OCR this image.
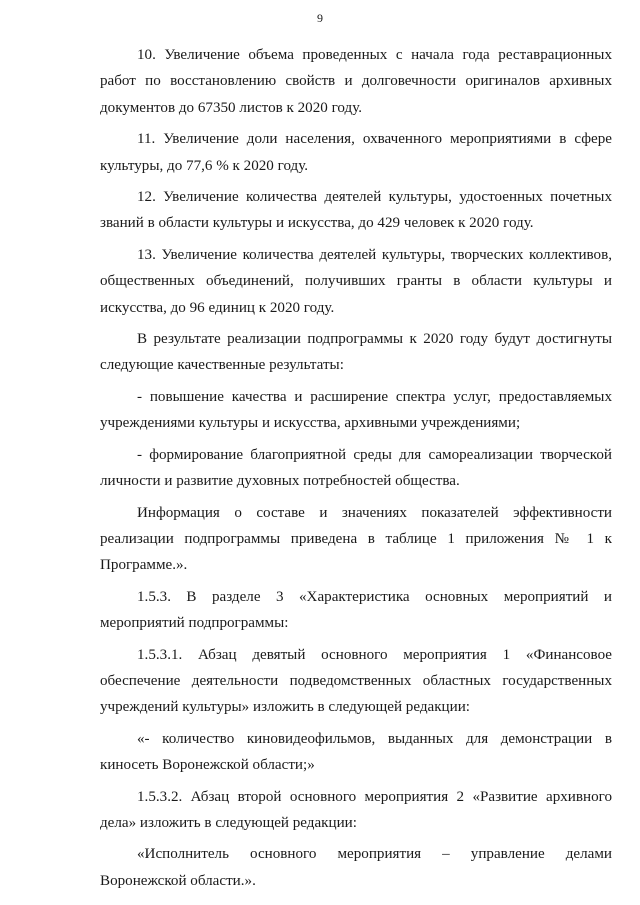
9

10. Увеличение объема проведенных с начала года реставрационных работ по восстановлению свойств и долговечности оригиналов архивных документов до 67350 листов к 2020 году.

11. Увеличение доли населения, охваченного мероприятиями в сфере культуры, до 77,6 % к 2020 году.

12. Увеличение количества деятелей культуры, удостоенных почетных званий в области культуры и искусства, до 429 человек к 2020 году.

13. Увеличение количества деятелей культуры, творческих коллективов, общественных объединений, получивших гранты в области культуры и искусства, до 96 единиц к 2020 году.

В результате реализации подпрограммы к 2020 году будут достигнуты следующие качественные результаты:

- повышение качества и расширение спектра услуг, предоставляемых учреждениями культуры и искусства, архивными учреждениями;

- формирование благоприятной среды для самореализации творческой личности и развитие духовных потребностей общества.

Информация о составе и значениях показателей эффективности реализации подпрограммы приведена в таблице 1 приложения № 1 к Программе.».

1.5.3. В разделе 3 «Характеристика основных мероприятий и мероприятий подпрограммы:

1.5.3.1. Абзац девятый основного мероприятия 1 «Финансовое обеспечение деятельности подведомственных областных государственных учреждений культуры» изложить в следующей редакции:

«- количество киновидеофильмов, выданных для демонстрации в киносеть Воронежской области;»

1.5.3.2. Абзац второй основного мероприятия 2 «Развитие архивного дела» изложить в следующей редакции:

«Исполнитель основного мероприятия – управление делами Воронежской области.».
